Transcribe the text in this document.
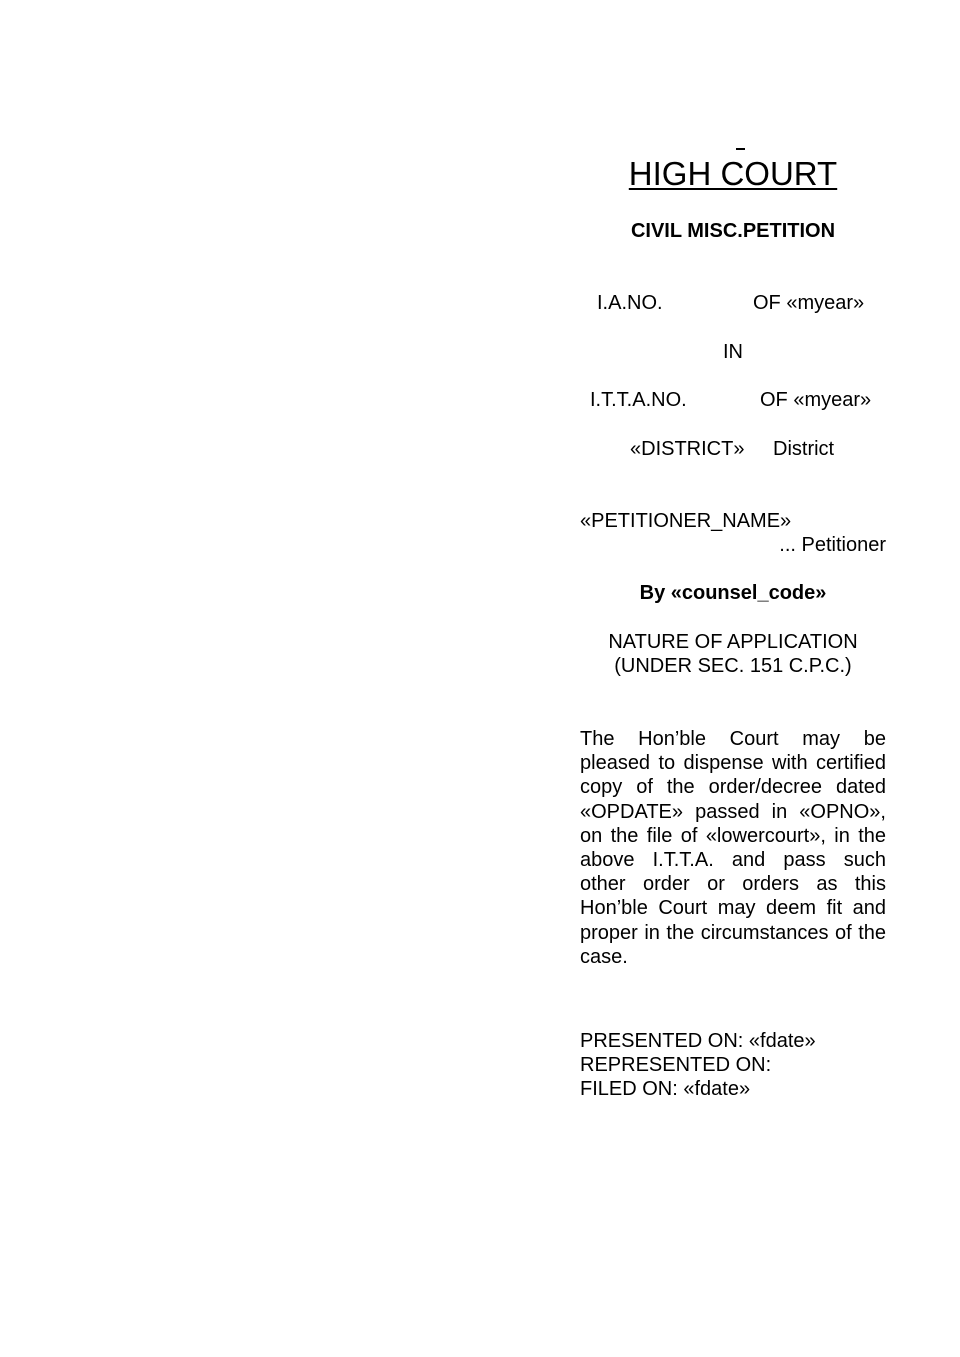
HIGH COURT
CIVIL MISC.PETITION
I.A.NO.	OF «myear»
IN
I.T.T.A.NO.	OF «myear»
«DISTRICT» District
«PETITIONER_NAME»
... Petitioner
By «counsel_code»
NATURE OF APPLICATION
(UNDER SEC. 151 C.P.C.)
The Hon’ble Court may be pleased to dispense with certified copy of the order/decree dated «OPDATE» passed in «OPNO», on the file of «lowercourt», in the above I.T.T.A. and pass such other order or orders as this Hon’ble Court may deem fit and proper in the circumstances of the case.
PRESENTED ON: «fdate»
REPRESENTED ON:
FILED ON: «fdate»
